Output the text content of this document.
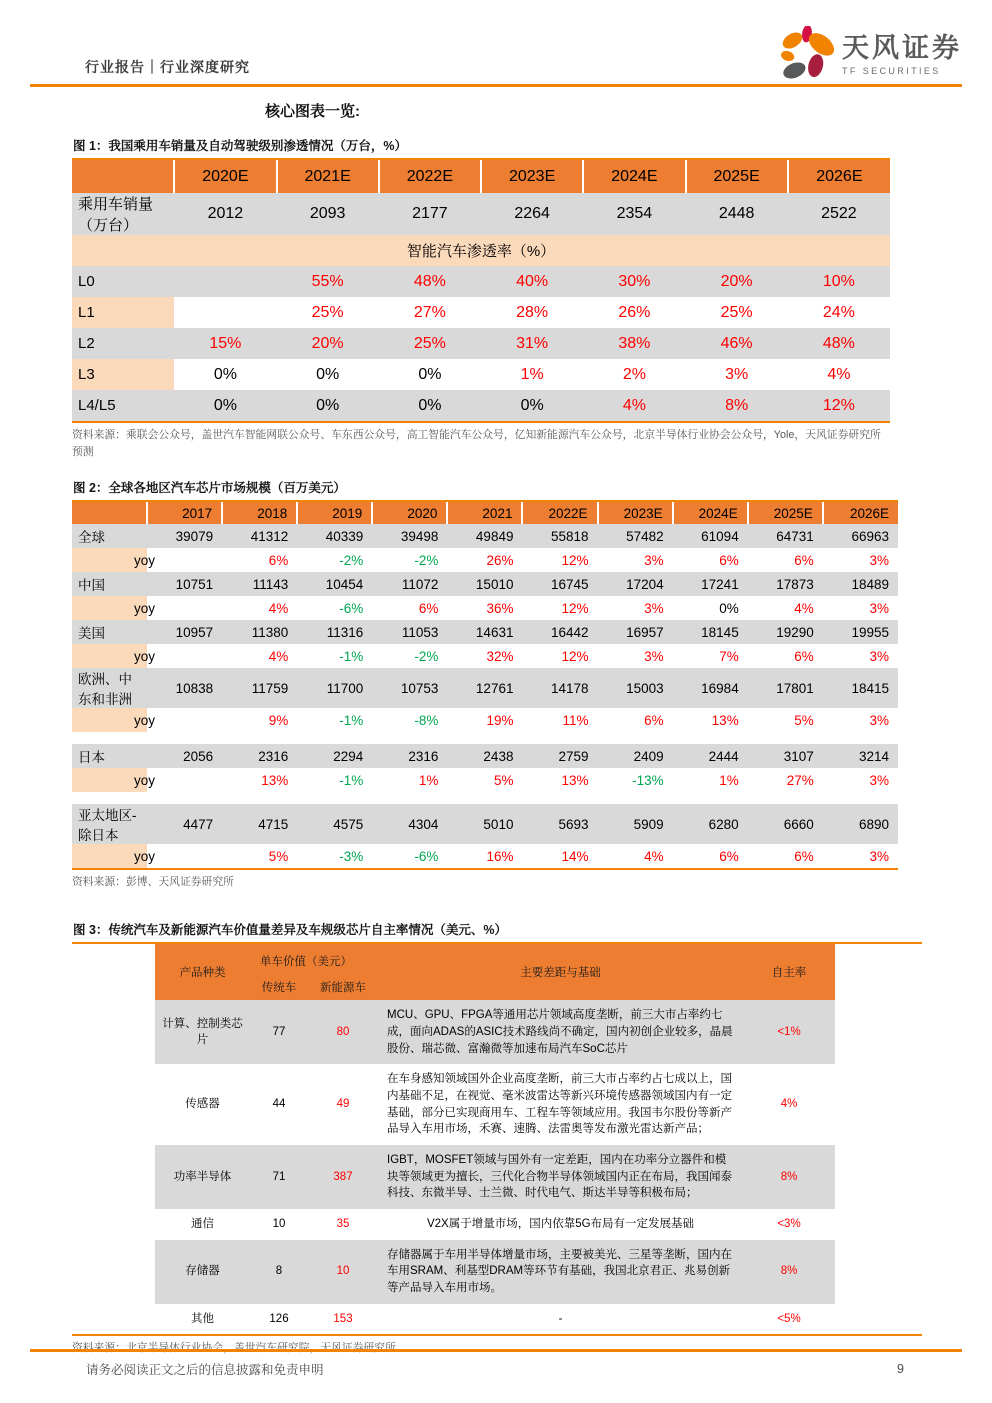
行业报告｜行业深度研究
天风证券
TF SECURITIES
核心图表一览:
图 1：我国乘用车销量及自动驾驶级别渗透情况（万台，%）
	2020E	2021E	2022E	2023E	2024E	2025E	2026E
乘用车销量（万台）	2012	2093	2177	2264	2354	2448	2522
智能汽车渗透率（%）							
L0		55%	48%	40%	30%	20%	10%
L1		25%	27%	28%	26%	25%	24%
L2	15%	20%	25%	31%	38%	46%	48%
L3	0%	0%	0%	1%	2%	3%	4%
L4/L5	0%	0%	0%	0%	4%	8%	12%
资料来源：乘联会公众号，盖世汽车智能网联公众号、车东西公众号，高工智能汽车公众号，亿知新能源汽车公众号，北京半导体行业协会公众号，Yole，天风证券研究所预测
图 2：全球各地区汽车芯片市场规模（百万美元）
	2017	2018	2019	2020	2021	2022E	2023E	2024E	2025E	2026E
全球	39079	41312	40339	39498	49849	55818	57482	61094	64731	66963
yoy		6%	-2%	-2%	26%	12%	3%	6%	6%	3%
中国	10751	11143	10454	11072	15010	16745	17204	17241	17873	18489
yoy		4%	-6%	6%	36%	12%	3%	0%	4%	3%
美国	10957	11380	11316	11053	14631	16442	16957	18145	19290	19955
yoy		4%	-1%	-2%	32%	12%	3%	7%	6%	3%
欧洲、中东和非洲	10838	11759	11700	10753	12761	14178	15003	16984	17801	18415
yoy		9%	-1%	-8%	19%	11%	6%	13%	5%	3%

日本	2056	2316	2294	2316	2438	2759	2409	2444	3107	3214
yoy		13%	-1%	1%	5%	13%	-13%	1%	27%	3%

亚太地区-除日本	4477	4715	4575	4304	5010	5693	5909	6280	6660	6890
yoy		5%	-3%	-6%	16%	14%	4%	6%	6%	3%
资料来源：彭博、天风证券研究所
图 3：传统汽车及新能源汽车价值量差异及车规级芯片自主率情况（美元、%）
产品种类	单车价值（美元）		主要差距与基础	自主率
	传统车	新能源车		
计算、控制类芯片	77	80	MCU、GPU、FPGA等通用芯片领域高度垄断，前三大市占率约七成，面向ADAS的ASIC技术路线尚不确定，国内初创企业较多，晶晨股份、瑞芯微、富瀚微等加速布局汽车SoC芯片	<1%
传感器	44	49	在车身感知领域国外企业高度垄断，前三大市占率约占七成以上，国内基础不足，在视觉、毫米波雷达等新兴环境传感器领域国内有一定基础，部分已实现商用车、工程车等领域应用。我国韦尔股份等新产品导入车用市场，禾赛、速腾、法雷奥等发布激光雷达新产品；	4%
功率半导体	71	387	IGBT，MOSFET领域与国外有一定差距，国内在功率分立器件和模块等领域更为擅长，三代化合物半导体领域国内正在布局，我国闻泰科技、东微半导、士兰微、时代电气、斯达半导等积极布局；	8%
通信	10	35	V2X属于增量市场，国内依靠5G布局有一定发展基础	<3%
存储器	8	10	存储器属于车用半导体增量市场，主要被美光、三星等垄断，国内在车用SRAM、利基型DRAM等环节有基础，我国北京君正、兆易创新等产品导入车用市场。	8%
其他	126	153	-	<5%
请务必阅读正文之后的信息披露和免责申明	9
